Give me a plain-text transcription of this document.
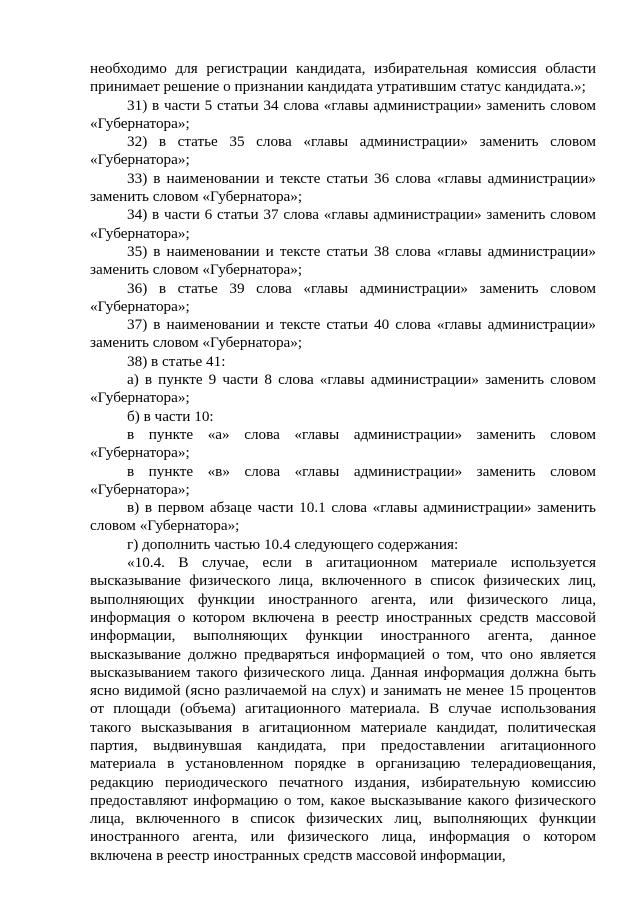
необходимо для регистрации кандидата, избирательная комиссия области принимает решение о признании кандидата утратившим статус кандидата.»;

31) в части 5 статьи 34 слова «главы администрации» заменить словом «Губернатора»;

32) в статье 35 слова «главы администрации» заменить словом «Губернатора»;

33) в наименовании и тексте статьи 36 слова «главы администрации» заменить словом «Губернатора»;

34) в части 6 статьи 37 слова «главы администрации» заменить словом «Губернатора»;

35) в наименовании и тексте статьи 38 слова «главы администрации» заменить словом «Губернатора»;

36) в статье 39 слова «главы администрации» заменить словом «Губернатора»;

37) в наименовании и тексте статьи 40 слова «главы администрации» заменить словом «Губернатора»;

38) в статье 41:

а) в пункте 9 части 8 слова «главы администрации» заменить словом «Губернатора»;

б) в части 10:

в пункте «а» слова «главы администрации» заменить словом «Губернатора»;

в пункте «в» слова «главы администрации» заменить словом «Губернатора»;

в) в первом абзаце части 10.1 слова «главы администрации» заменить словом «Губернатора»;

г) дополнить частью 10.4 следующего содержания:

«10.4. В случае, если в агитационном материале используется высказывание физического лица, включенного в список физических лиц, выполняющих функции иностранного агента, или физического лица, информация о котором включена в реестр иностранных средств массовой информации, выполняющих функции иностранного агента, данное высказывание должно предваряться информацией о том, что оно является высказыванием такого физического лица. Данная информация должна быть ясно видимой (ясно различаемой на слух) и занимать не менее 15 процентов от площади (объема) агитационного материала. В случае использования такого высказывания в агитационном материале кандидат, политическая партия, выдвинувшая кандидата, при предоставлении агитационного материала в установленном порядке в организацию телерадиовещания, редакцию периодического печатного издания, избирательную комиссию предоставляют информацию о том, какое высказывание какого физического лица, включенного в список физических лиц, выполняющих функции иностранного агента, или физического лица, информация о котором включена в реестр иностранных средств массовой информации,
